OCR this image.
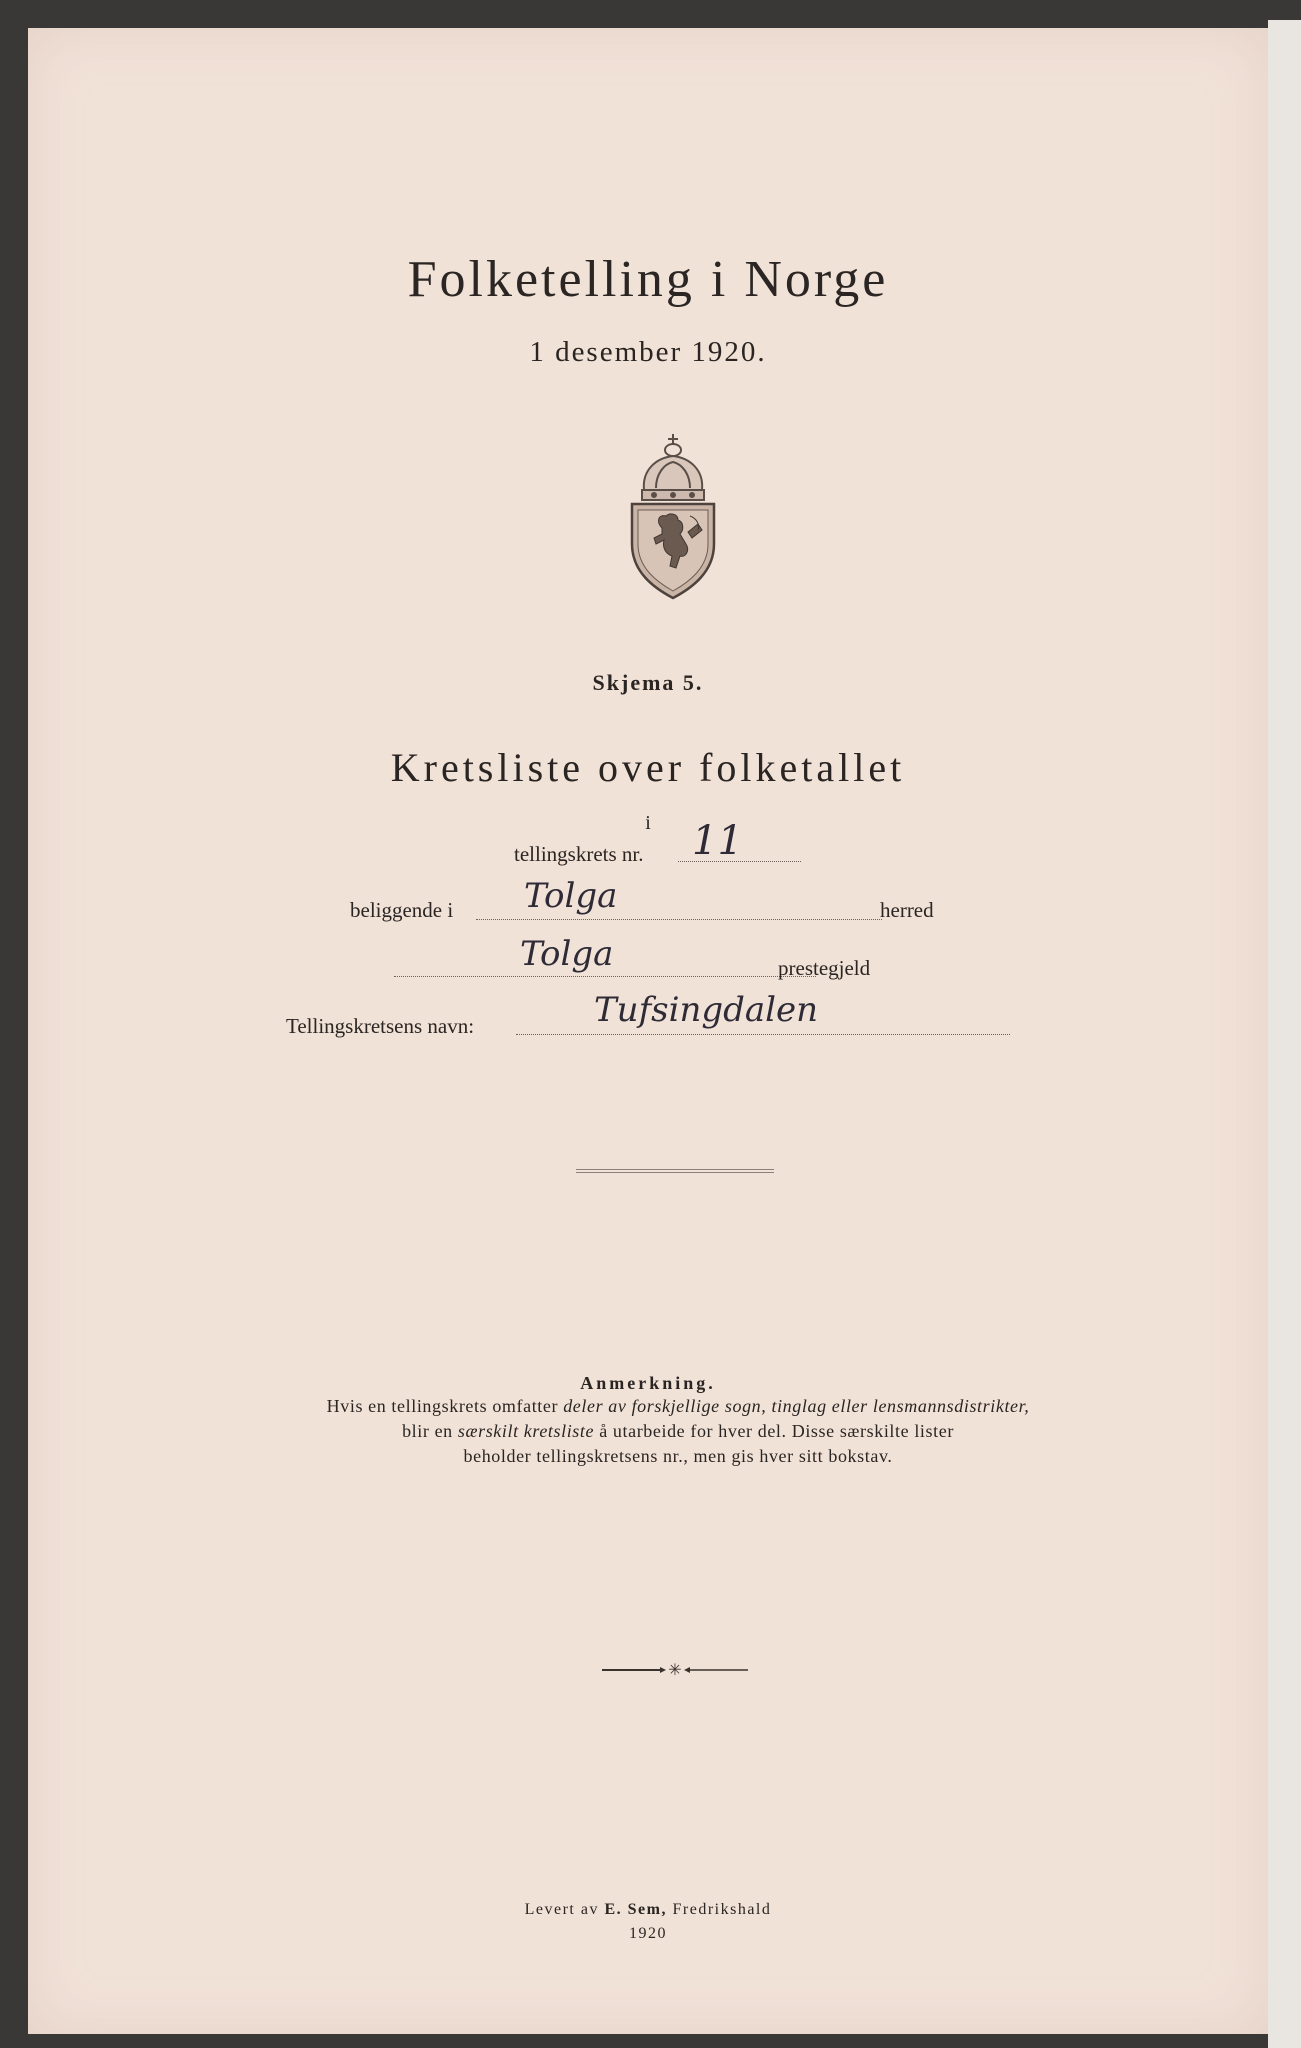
Folketelling i Norge
1 desember 1920.
Skjema 5.
Kretsliste over folketallet
i
tellingskrets nr. 11
beliggende i Tolga	herred
Tolga	prestegjeld
Tellingskretsens navn:	Tufsingdalen
Anmerkning.
Hvis en tellingskrets omfatter deler av forskjellige sogn, tinglag eller lensmannsdistrikter,
blir en særskilt kretsliste å utarbeide for hver del. Disse særskilte lister
beholder tellingskretsens nr., men gis hver sitt bokstav.
✳
Levert av E. Sem, Fredrikshald
1920
